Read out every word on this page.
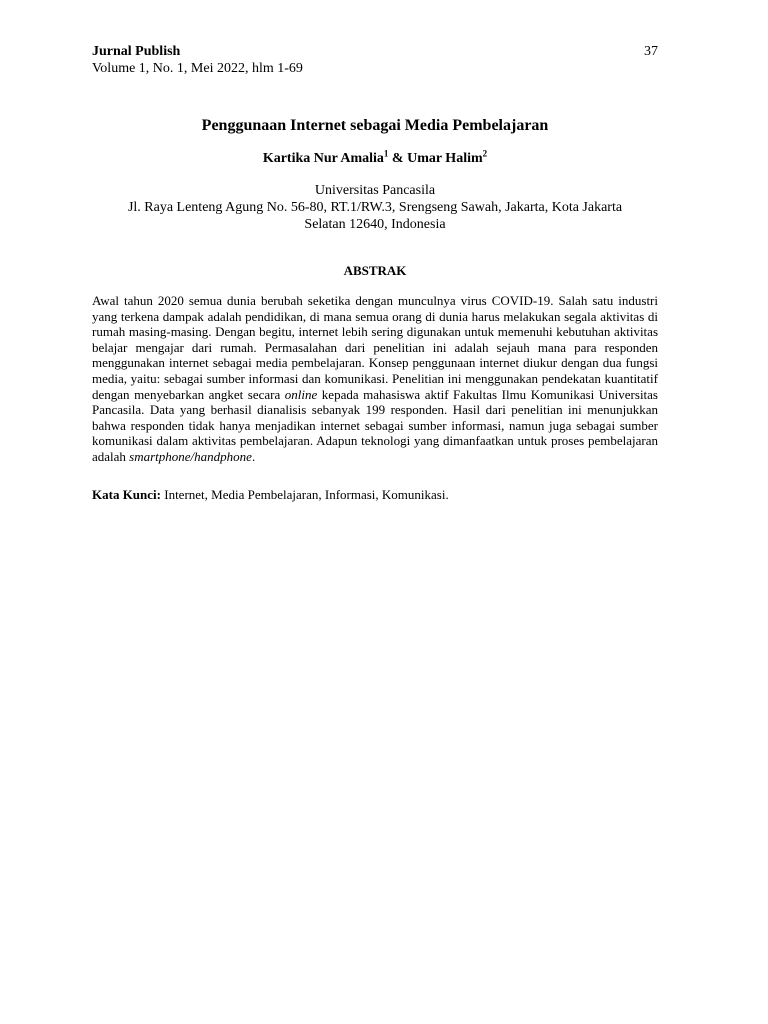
Jurnal Publish
Volume 1, No. 1, Mei 2022, hlm 1-69
37
Penggunaan Internet sebagai Media Pembelajaran
Kartika Nur Amalia$^1$ & Umar Halim$^2$
Universitas Pancasila
Jl. Raya Lenteng Agung No. 56-80, RT.1/RW.3, Srengseng Sawah, Jakarta, Kota Jakarta
Selatan 12640, Indonesia
ABSTRAK
Awal tahun 2020 semua dunia berubah seketika dengan munculnya virus COVID-19. Salah satu industri yang terkena dampak adalah pendidikan, di mana semua orang di dunia harus melakukan segala aktivitas di rumah masing-masing. Dengan begitu, internet lebih sering digunakan untuk memenuhi kebutuhan aktivitas belajar mengajar dari rumah. Permasalahan dari penelitian ini adalah sejauh mana para responden menggunakan internet sebagai media pembelajaran. Konsep penggunaan internet diukur dengan dua fungsi media, yaitu: sebagai sumber informasi dan komunikasi. Penelitian ini menggunakan pendekatan kuantitatif dengan menyebarkan angket secara online kepada mahasiswa aktif Fakultas Ilmu Komunikasi Universitas Pancasila. Data yang berhasil dianalisis sebanyak 199 responden. Hasil dari penelitian ini menunjukkan bahwa responden tidak hanya menjadikan internet sebagai sumber informasi, namun juga sebagai sumber komunikasi dalam aktivitas pembelajaran. Adapun teknologi yang dimanfaatkan untuk proses pembelajaran adalah smartphone/handphone.
Kata Kunci: Internet, Media Pembelajaran, Informasi, Komunikasi.
